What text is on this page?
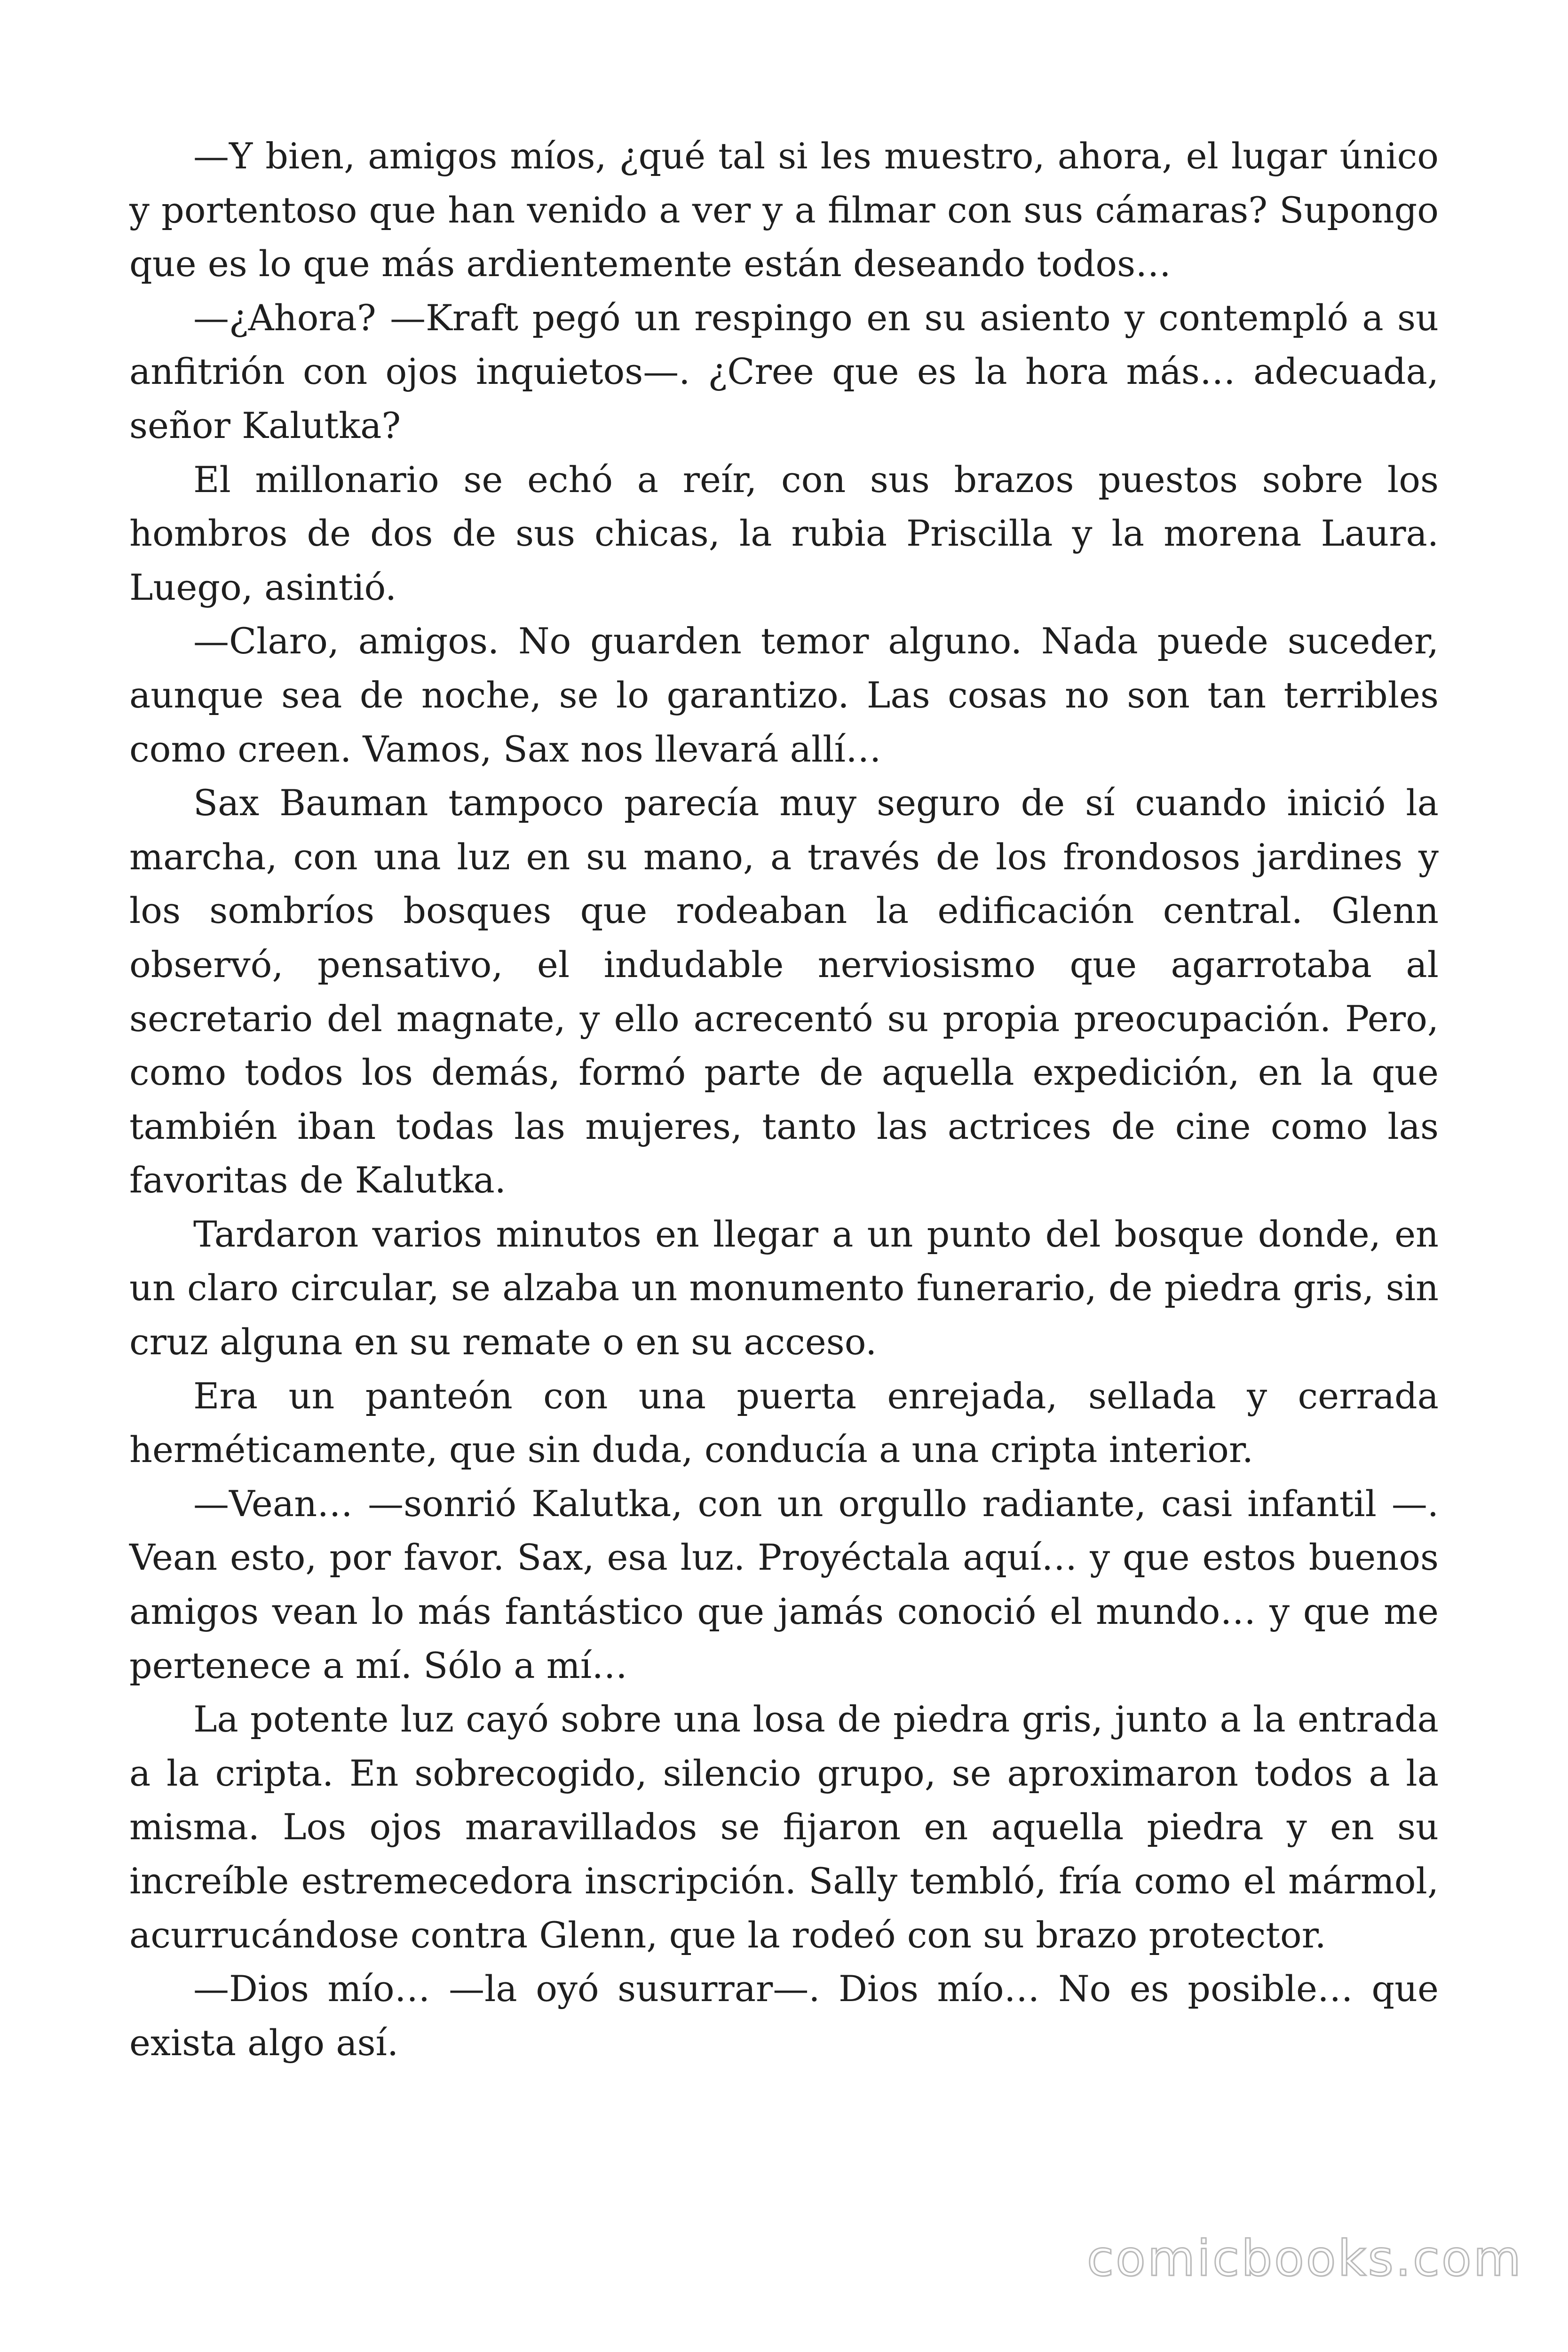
—Y bien, amigos míos, ¿qué tal si les muestro, ahora, el lugar único y portentoso que han venido a ver y a filmar con sus cámaras? Supongo que es lo que más ardientemente están deseando todos…

—¿Ahora? —Kraft pegó un respingo en su asiento y contempló a su anfitrión con ojos inquietos—. ¿Cree que es la hora más… adecuada, señor Kalutka?

El millonario se echó a reír, con sus brazos puestos sobre los hombros de dos de sus chicas, la rubia Priscilla y la morena Laura. Luego, asintió.

—Claro, amigos. No guarden temor alguno. Nada puede suceder, aunque sea de noche, se lo garantizo. Las cosas no son tan terribles como creen. Vamos, Sax nos llevará allí…

Sax Bauman tampoco parecía muy seguro de sí cuando inició la marcha, con una luz en su mano, a través de los frondosos jardines y los sombríos bosques que rodeaban la edificación central. Glenn observó, pensativo, el indudable nerviosismo que agarrotaba al secretario del magnate, y ello acrecentó su propia preocupación. Pero, como todos los demás, formó parte de aquella expedición, en la que también iban todas las mujeres, tanto las actrices de cine como las favoritas de Kalutka.

Tardaron varios minutos en llegar a un punto del bosque donde, en un claro circular, se alzaba un monumento funerario, de piedra gris, sin cruz alguna en su remate o en su acceso.

Era un panteón con una puerta enrejada, sellada y cerrada herméticamente, que sin duda, conducía a una cripta interior.

—Vean… —sonrió Kalutka, con un orgullo radiante, casi infantil —. Vean esto, por favor. Sax, esa luz. Proyéctala aquí… y que estos buenos amigos vean lo más fantástico que jamás conoció el mundo… y que me pertenece a mí. Sólo a mí…

La potente luz cayó sobre una losa de piedra gris, junto a la entrada a la cripta. En sobrecogido, silencio grupo, se aproximaron todos a la misma. Los ojos maravillados se fijaron en aquella piedra y en su increíble estremecedora inscripción. Sally tembló, fría como el mármol, acurrucándose contra Glenn, que la rodeó con su brazo protector.

—Dios mío… —la oyó susurrar—. Dios mío… No es posible… que exista algo así.

comicbooks.com
